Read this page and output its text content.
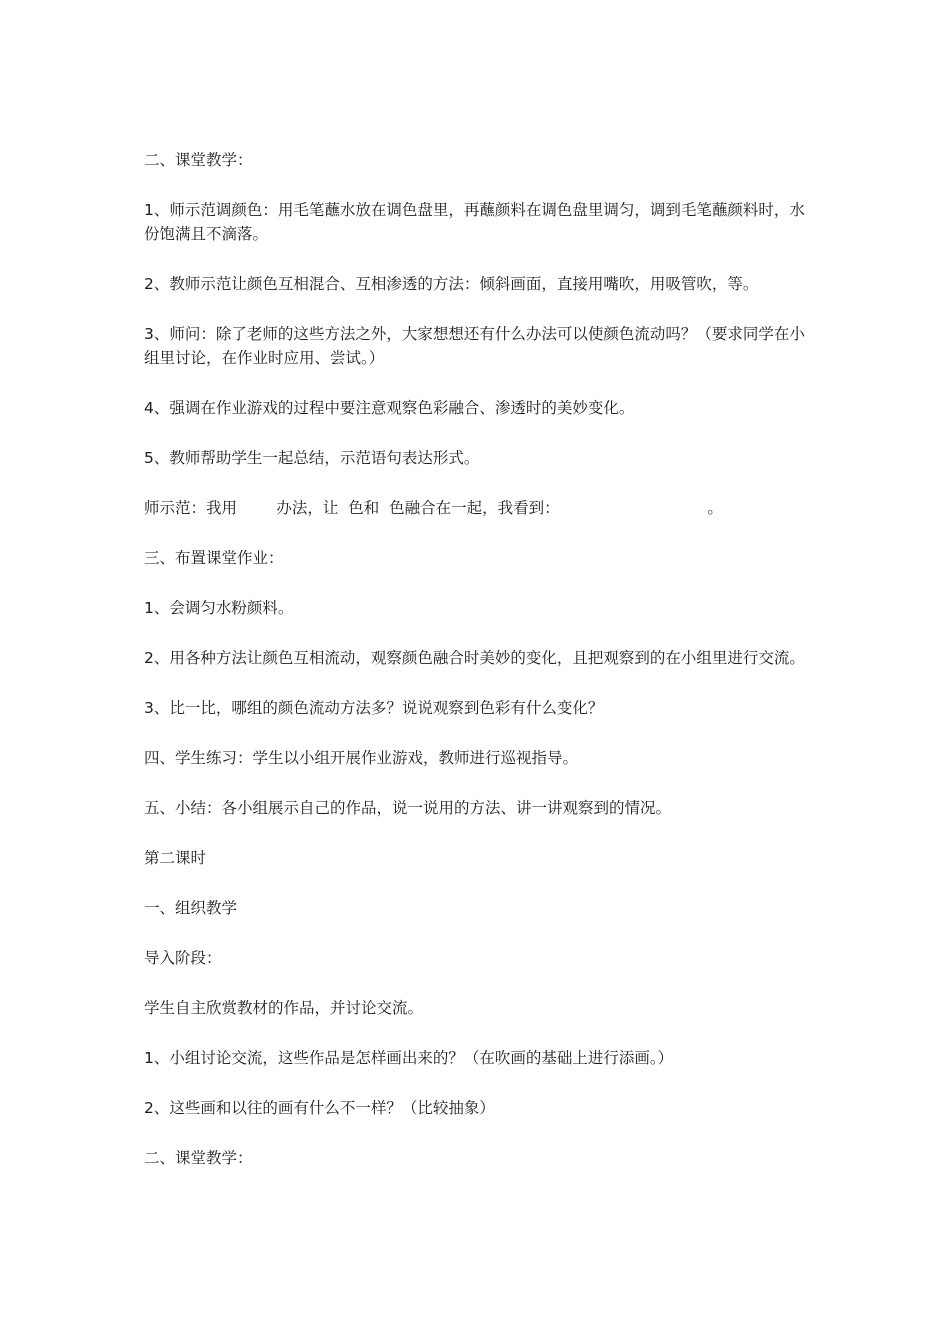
二、课堂教学：

1、师示范调颜色：用毛笔蘸水放在调色盘里，再蘸颜料在调色盘里调匀，调到毛笔蘸颜料时，水份饱满且不滴落。

2、教师示范让颜色互相混合、互相渗透的方法：倾斜画面，直接用嘴吹，用吸管吹，等。

3、师问：除了老师的这些方法之外，大家想想还有什么办法可以使颜色流动吗？（要求同学在小组里讨论，在作业时应用、尝试。）

4、强调在作业游戏的过程中要注意观察色彩融合、渗透时的美妙变化。

5、教师帮助学生一起总结，示范语句表达形式。

师示范：我用        办法，让  色和  色融合在一起，我看到：                              。

三、布置课堂作业：

1、会调匀水粉颜料。

2、用各种方法让颜色互相流动，观察颜色融合时美妙的变化，且把观察到的在小组里进行交流。

3、比一比，哪组的颜色流动方法多？说说观察到色彩有什么变化？

四、学生练习：学生以小组开展作业游戏，教师进行巡视指导。

五、小结：各小组展示自己的作品，说一说用的方法、讲一讲观察到的情况。

第二课时

一、组织教学

导入阶段：

学生自主欣赏教材的作品，并讨论交流。

1、小组讨论交流，这些作品是怎样画出来的？（在吹画的基础上进行添画。）

2、这些画和以往的画有什么不一样？（比较抽象）

二、课堂教学：
